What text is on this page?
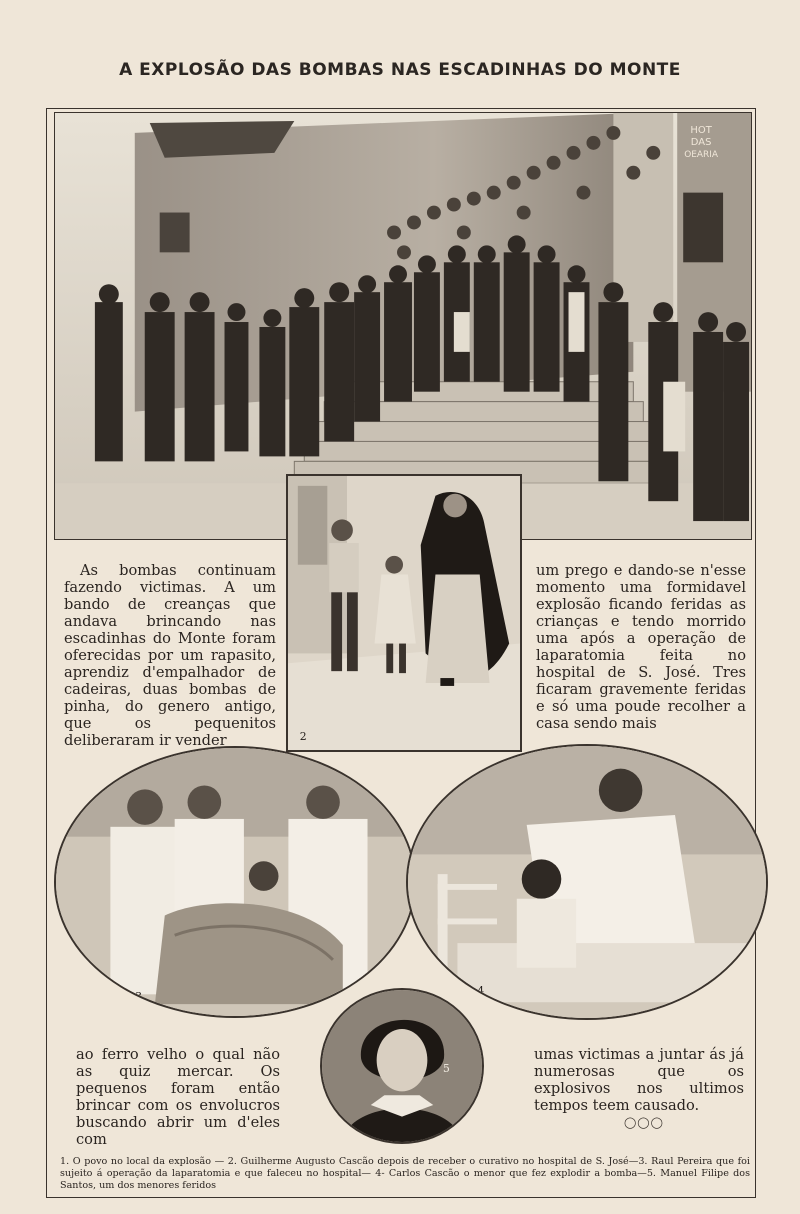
A EXPLOSÃO DAS BOMBAS NAS ESCADINHAS DO MONTE
HOT
DAS
OEARIA
2
As bombas continuam fazendo victimas. A um bando de creanças que andava brincando nas escadinhas do Monte foram oferecidas por um rapasito, aprendiz d'empalhador de cadeiras, duas bombas de pinha, do genero antigo, que os pequenitos deliberaram ir vender
um prego e dando-se n'esse momento uma formidavel explosão ficando feridas as crianças e tendo morrido uma após a operação de laparatomia feita no hospital de S. José. Tres ficaram gravemente feridas e só uma poude recolher a casa sendo mais
3	4
5
ao ferro velho o qual não as quiz mercar. Os pequenos foram então brincar com os envolucros buscando abrir um d'eles com
umas victimas a juntar ás já numerosas que os explosivos nos ultimos tempos teem causado.
◯◯◯
1. O povo no local da explosão — 2. Guilherme Augusto Cascão depois de receber o curativo no hospital de S. José—3. Raul Pereira que foi sujeito á operação da laparatomia e que faleceu no hospital— 4- Carlos Cascão o menor que fez explodir a bomba—5. Manuel Filipe dos Santos, um dos menores feridos
